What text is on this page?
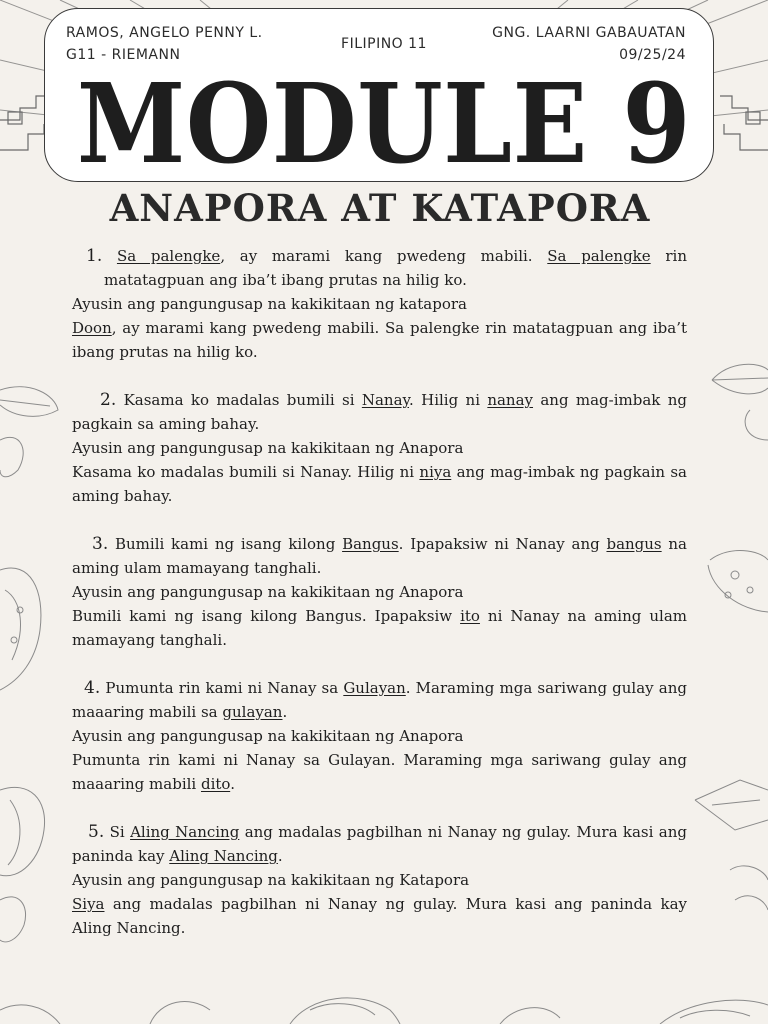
RAMOS, ANGELO PENNY L.
G11 - RIEMANN
FILIPINO 11
GNG. LAARNI GABAUATAN
09/25/24
MODULE 9
ANAPORA AT KATAPORA

1. Sa palengke, ay marami kang pwedeng mabili. Sa palengke rin matatagpuan ang iba’t ibang prutas na hilig ko.

Ayusin ang pangungusap na kakikitaan ng katapora

Doon, ay marami kang pwedeng mabili. Sa palengke rin matatagpuan ang iba’t ibang prutas na hilig ko.

2. Kasama ko madalas bumili si Nanay. Hilig ni nanay ang mag-imbak ng pagkain sa aming bahay.

Ayusin ang pangungusap na kakikitaan ng Anapora

Kasama ko madalas bumili si Nanay. Hilig ni niya ang mag-imbak ng pagkain sa aming bahay.

3. Bumili kami ng isang kilong Bangus. Ipapaksiw ni Nanay ang bangus na aming ulam mamayang tanghali.

Ayusin ang pangungusap na kakikitaan ng Anapora

Bumili kami ng isang kilong Bangus. Ipapaksiw ito ni Nanay na aming ulam mamayang tanghali.

4. Pumunta rin kami ni Nanay sa Gulayan. Maraming mga sariwang gulay ang maaaring mabili sa gulayan.

Ayusin ang pangungusap na kakikitaan ng Anapora

Pumunta rin kami ni Nanay sa Gulayan. Maraming mga sariwang gulay ang maaaring mabili dito.

5. Si Aling Nancing ang madalas pagbilhan ni Nanay ng gulay. Mura kasi ang paninda kay Aling Nancing.

Ayusin ang pangungusap na kakikitaan ng Katapora

Siya ang madalas pagbilhan ni Nanay ng gulay. Mura kasi ang paninda kay Aling Nancing.
